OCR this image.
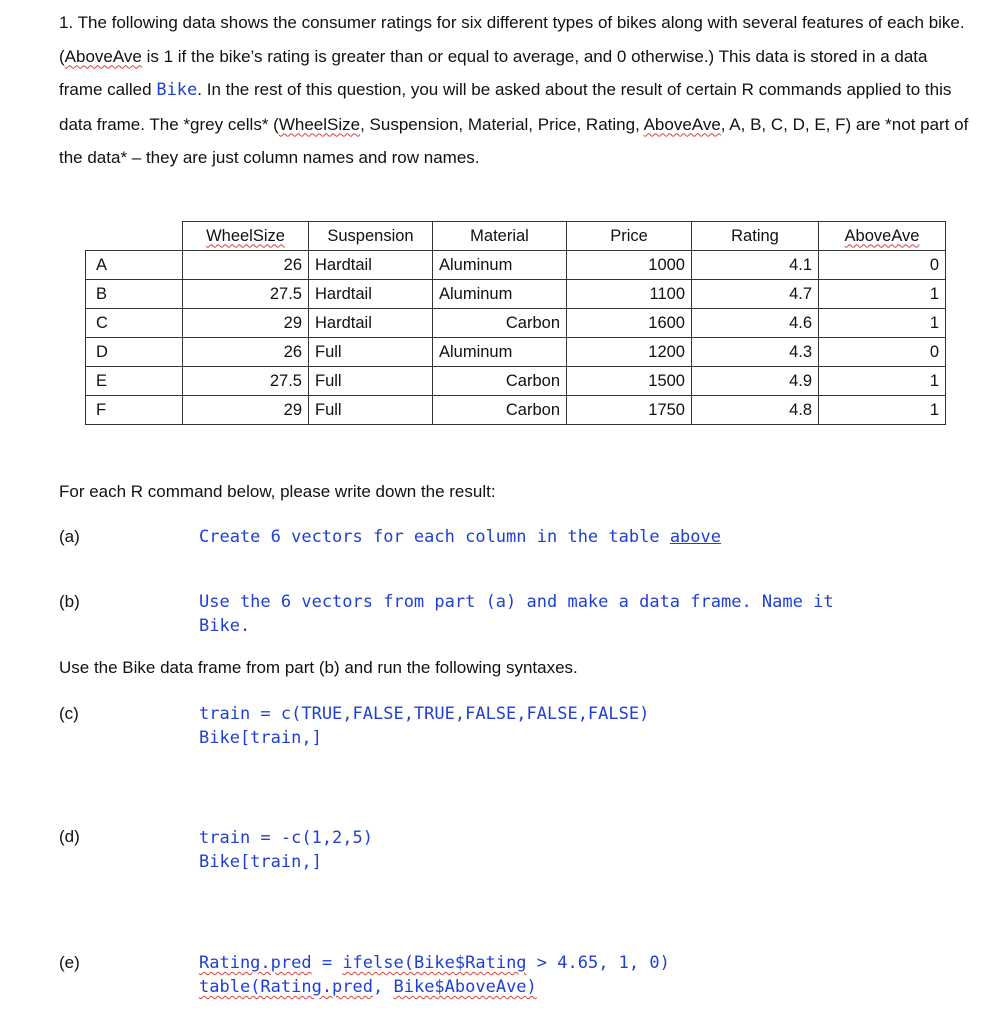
1. The following data shows the consumer ratings for six different types of bikes along with several features of each bike. (AboveAve is 1 if the bike’s rating is greater than or equal to average, and 0 otherwise.) This data is stored in a data frame called Bike. In the rest of this question, you will be asked about the result of certain R commands applied to this data frame. The *grey cells* (WheelSize, Suspension, Material, Price, Rating, AboveAve, A, B, C, D, E, F) are *not part of the data* – they are just column names and row names.

	WheelSize	Suspension	Material	Price	Rating	AboveAve
A	26	Hardtail	Aluminum	1000	4.1	0
B	27.5	Hardtail	Aluminum	1100	4.7	1
C	29	Hardtail	Carbon	1600	4.6	1
D	26	Full	Aluminum	1200	4.3	0
E	27.5	Full	Carbon	1500	4.9	1
F	29	Full	Carbon	1750	4.8	1
For each R command below, please write down the result:
(a)	Create 6 vectors for each column in the table above
(b)	Use the 6 vectors from part (a) and make a data frame. Name it
Bike.
Use the Bike data frame from part (b) and run the following syntaxes.
(c)	train = c(TRUE,FALSE,TRUE,FALSE,FALSE,FALSE)
Bike[train,]
(d)	train = -c(1,2,5)
Bike[train,]
(e)	Rating.pred = ifelse(Bike$Rating > 4.65, 1, 0)
table(Rating.pred, Bike$AboveAve)
